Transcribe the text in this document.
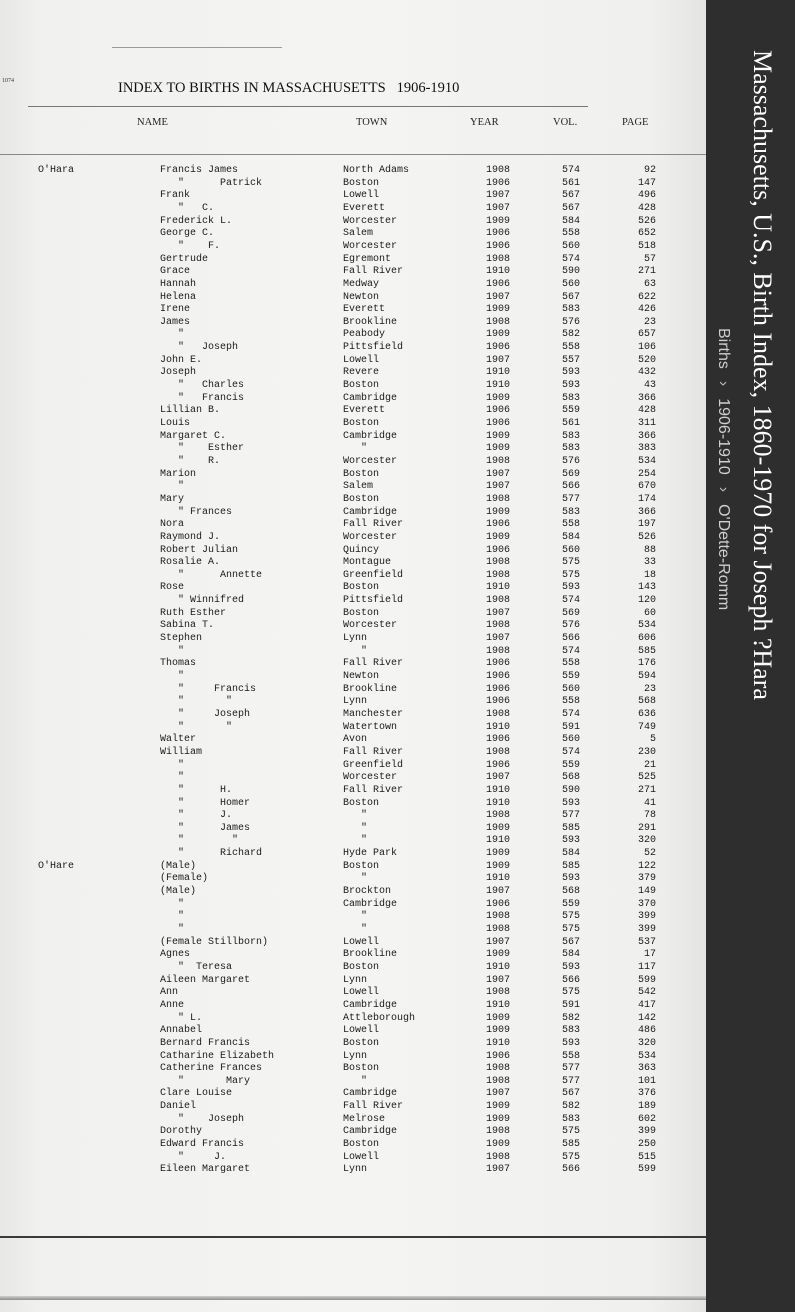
1074	INDEX TO BIRTHS IN MASSACHUSETTS 1906-1910
NAME	TOWN	YEAR	VOL.	PAGE
O'Hara	Francis James	North Adams	1908	574	92
"      Patrick	Boston	1906	561	147
Frank	Lowell	1907	567	496
"   C.	Everett	1907	567	428
Frederick L.	Worcester	1909	584	526
George C.	Salem	1906	558	652
"    F.	Worcester	1906	560	518
Gertrude	Egremont	1908	574	57
Grace	Fall River	1910	590	271
Hannah	Medway	1906	560	63
Helena	Newton	1907	567	622
Irene	Everett	1909	583	426
James	Brookline	1908	576	23
"	Peabody	1909	582	657
"   Joseph	Pittsfield	1906	558	106
John E.	Lowell	1907	557	520
Joseph	Revere	1910	593	432
"   Charles	Boston	1910	593	43
"   Francis	Cambridge	1909	583	366
Lillian B.	Everett	1906	559	428
Louis	Boston	1906	561	311
Margaret C.	Cambridge	1909	583	366
"    Esther	"	1909	583	383
"    R.	Worcester	1908	576	534
Marion	Boston	1907	569	254
"	Salem	1907	566	670
Mary	Boston	1908	577	174
" Frances	Cambridge	1909	583	366
Nora	Fall River	1906	558	197
Raymond J.	Worcester	1909	584	526
Robert Julian	Quincy	1906	560	88
Rosalie A.	Montague	1908	575	33
"      Annette	Greenfield	1908	575	18
Rose	Boston	1910	593	143
" Winnifred	Pittsfield	1908	574	120
Ruth Esther	Boston	1907	569	60
Sabina T.	Worcester	1908	576	534
Stephen	Lynn	1907	566	606
"	"	1908	574	585
Thomas	Fall River	1906	558	176
"	Newton	1906	559	594
"     Francis	Brookline	1906	560	23
"       "	Lynn	1906	558	568
"     Joseph	Manchester	1908	574	636
"       "	Watertown	1910	591	749
Walter	Avon	1906	560	5
William	Fall River	1908	574	230
"	Greenfield	1906	559	21
"	Worcester	1907	568	525
"      H.	Fall River	1910	590	271
"      Homer	Boston	1910	593	41
"      J.	"	1908	577	78
"      James	"	1909	585	291
"        "	"	1910	593	320
"      Richard	Hyde Park	1909	584	52
O'Hare	(Male)	Boston	1909	585	122
(Female)	"	1910	593	379
(Male)	Brockton	1907	568	149
"	Cambridge	1906	559	370
"	"	1908	575	399
"	"	1908	575	399
(Female Stillborn)	Lowell	1907	567	537
Agnes	Brookline	1909	584	17
"  Teresa	Boston	1910	593	117
Aileen Margaret	Lynn	1907	566	599
Ann	Lowell	1908	575	542
Anne	Cambridge	1910	591	417
" L.	Attleborough	1909	582	142
Annabel	Lowell	1909	583	486
Bernard Francis	Boston	1910	593	320
Catharine Elizabeth	Lynn	1906	558	534
Catherine Frances	Boston	1908	577	363
"       Mary	"	1908	577	101
Clare Louise	Cambridge	1907	567	376
Daniel	Fall River	1909	582	189
"    Joseph	Melrose	1909	583	602
Dorothy	Cambridge	1908	575	399
Edward Francis	Boston	1909	585	250
"     J.	Lowell	1908	575	515
Eileen Margaret	Lynn	1907	566	599
Massachusetts, U.S., Birth Index, 1860-1970 for Joseph ?Hara
Births›1906-1910›O'Dette-Romm
